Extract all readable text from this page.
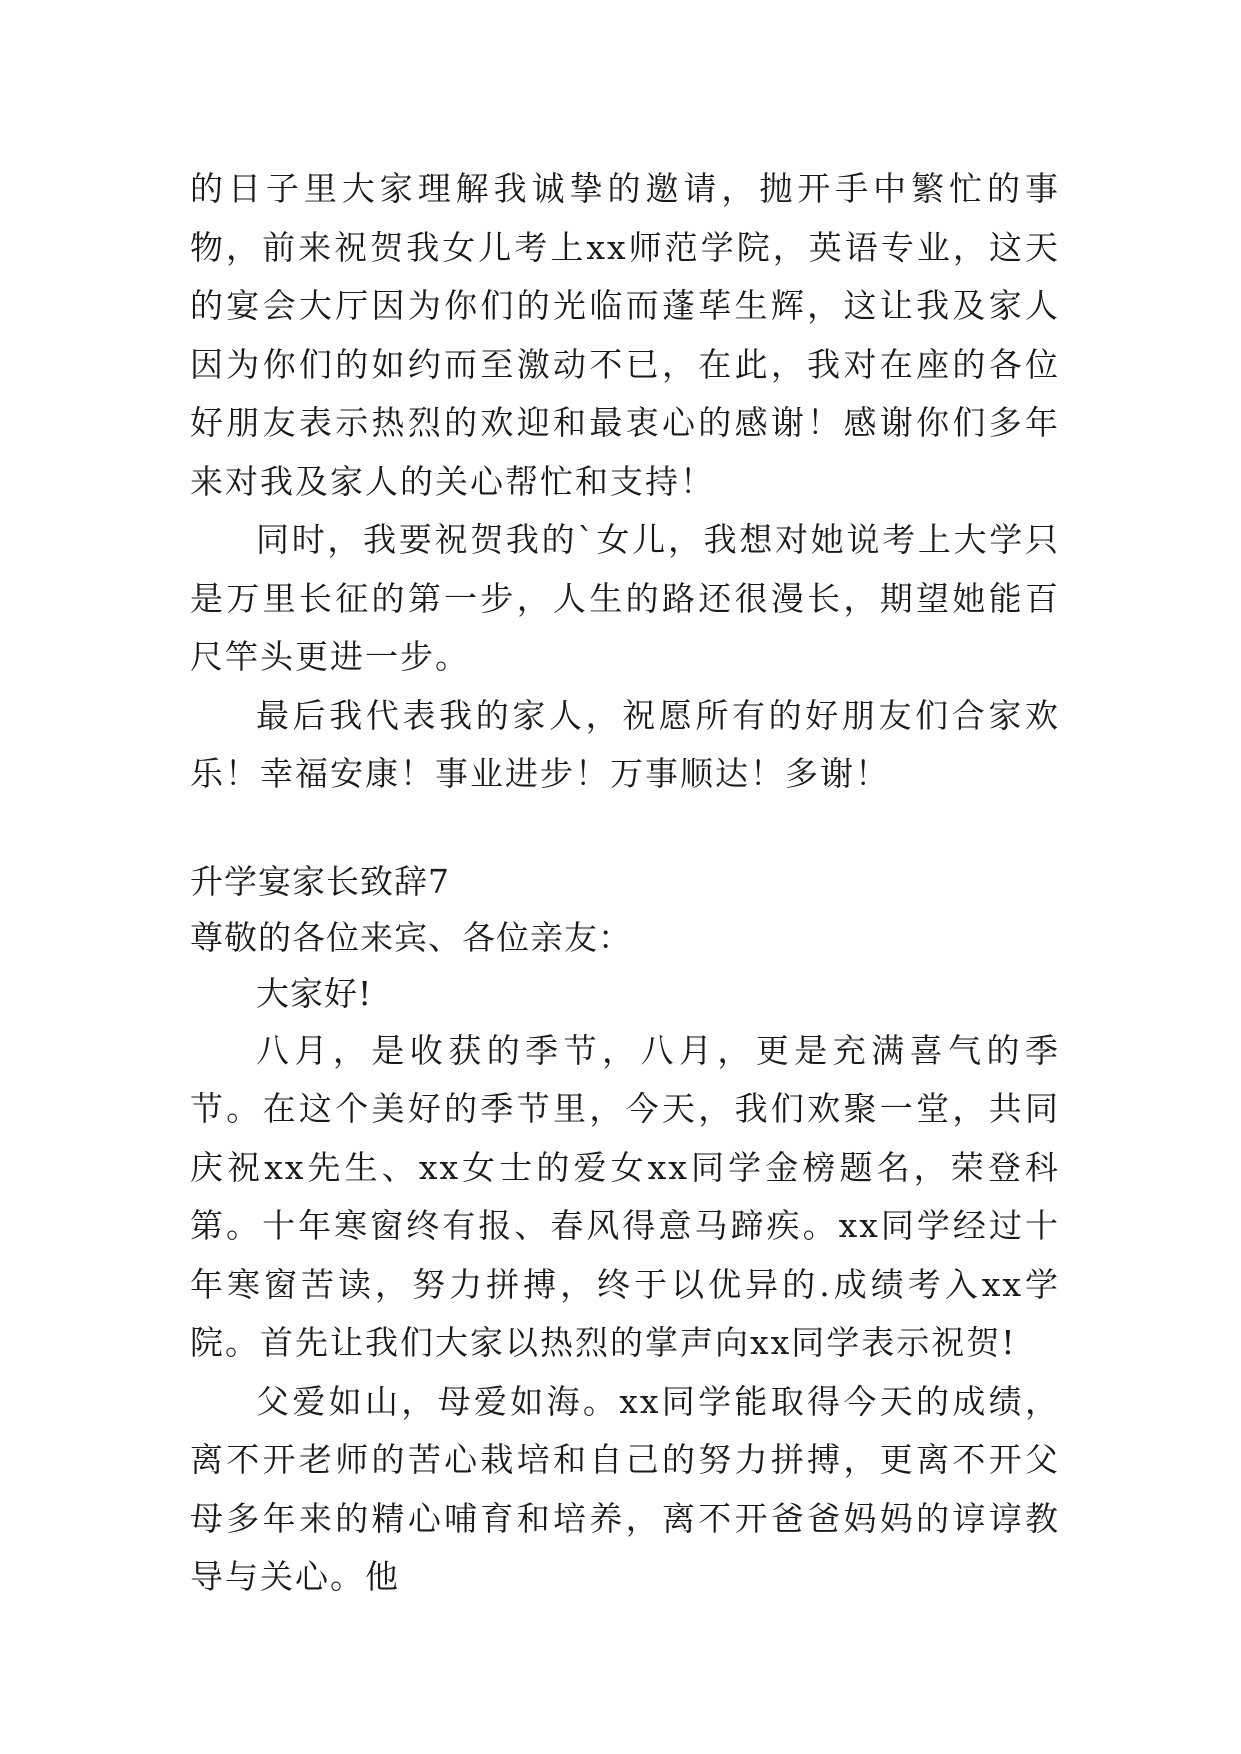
的日子里大家理解我诚挚的邀请，抛开手中繁忙的事物，前来祝贺我女儿考上xx师范学院，英语专业，这天的宴会大厅因为你们的光临而蓬荜生辉，这让我及家人因为你们的如约而至激动不已，在此，我对在座的各位好朋友表示热烈的欢迎和最衷心的感谢！感谢你们多年来对我及家人的关心帮忙和支持！

同时，我要祝贺我的`女儿，我想对她说考上大学只是万里长征的第一步，人生的路还很漫长，期望她能百尺竿头更进一步。

最后我代表我的家人，祝愿所有的好朋友们合家欢乐！幸福安康！事业进步！万事顺达！多谢！

升学宴家长致辞7

尊敬的各位来宾、各位亲友：

大家好!

八月，是收获的季节，八月，更是充满喜气的季节。在这个美好的季节里，今天，我们欢聚一堂，共同庆祝xx先生、xx女士的爱女xx同学金榜题名，荣登科第。十年寒窗终有报、春风得意马蹄疾。xx同学经过十年寒窗苦读，努力拼搏，终于以优异的.成绩考入xx学院。首先让我们大家以热烈的掌声向xx同学表示祝贺!

父爱如山，母爱如海。xx同学能取得今天的成绩，离不开老师的苦心栽培和自己的努力拼搏，更离不开父母多年来的精心哺育和培养，离不开爸爸妈妈的谆谆教导与关心。他
